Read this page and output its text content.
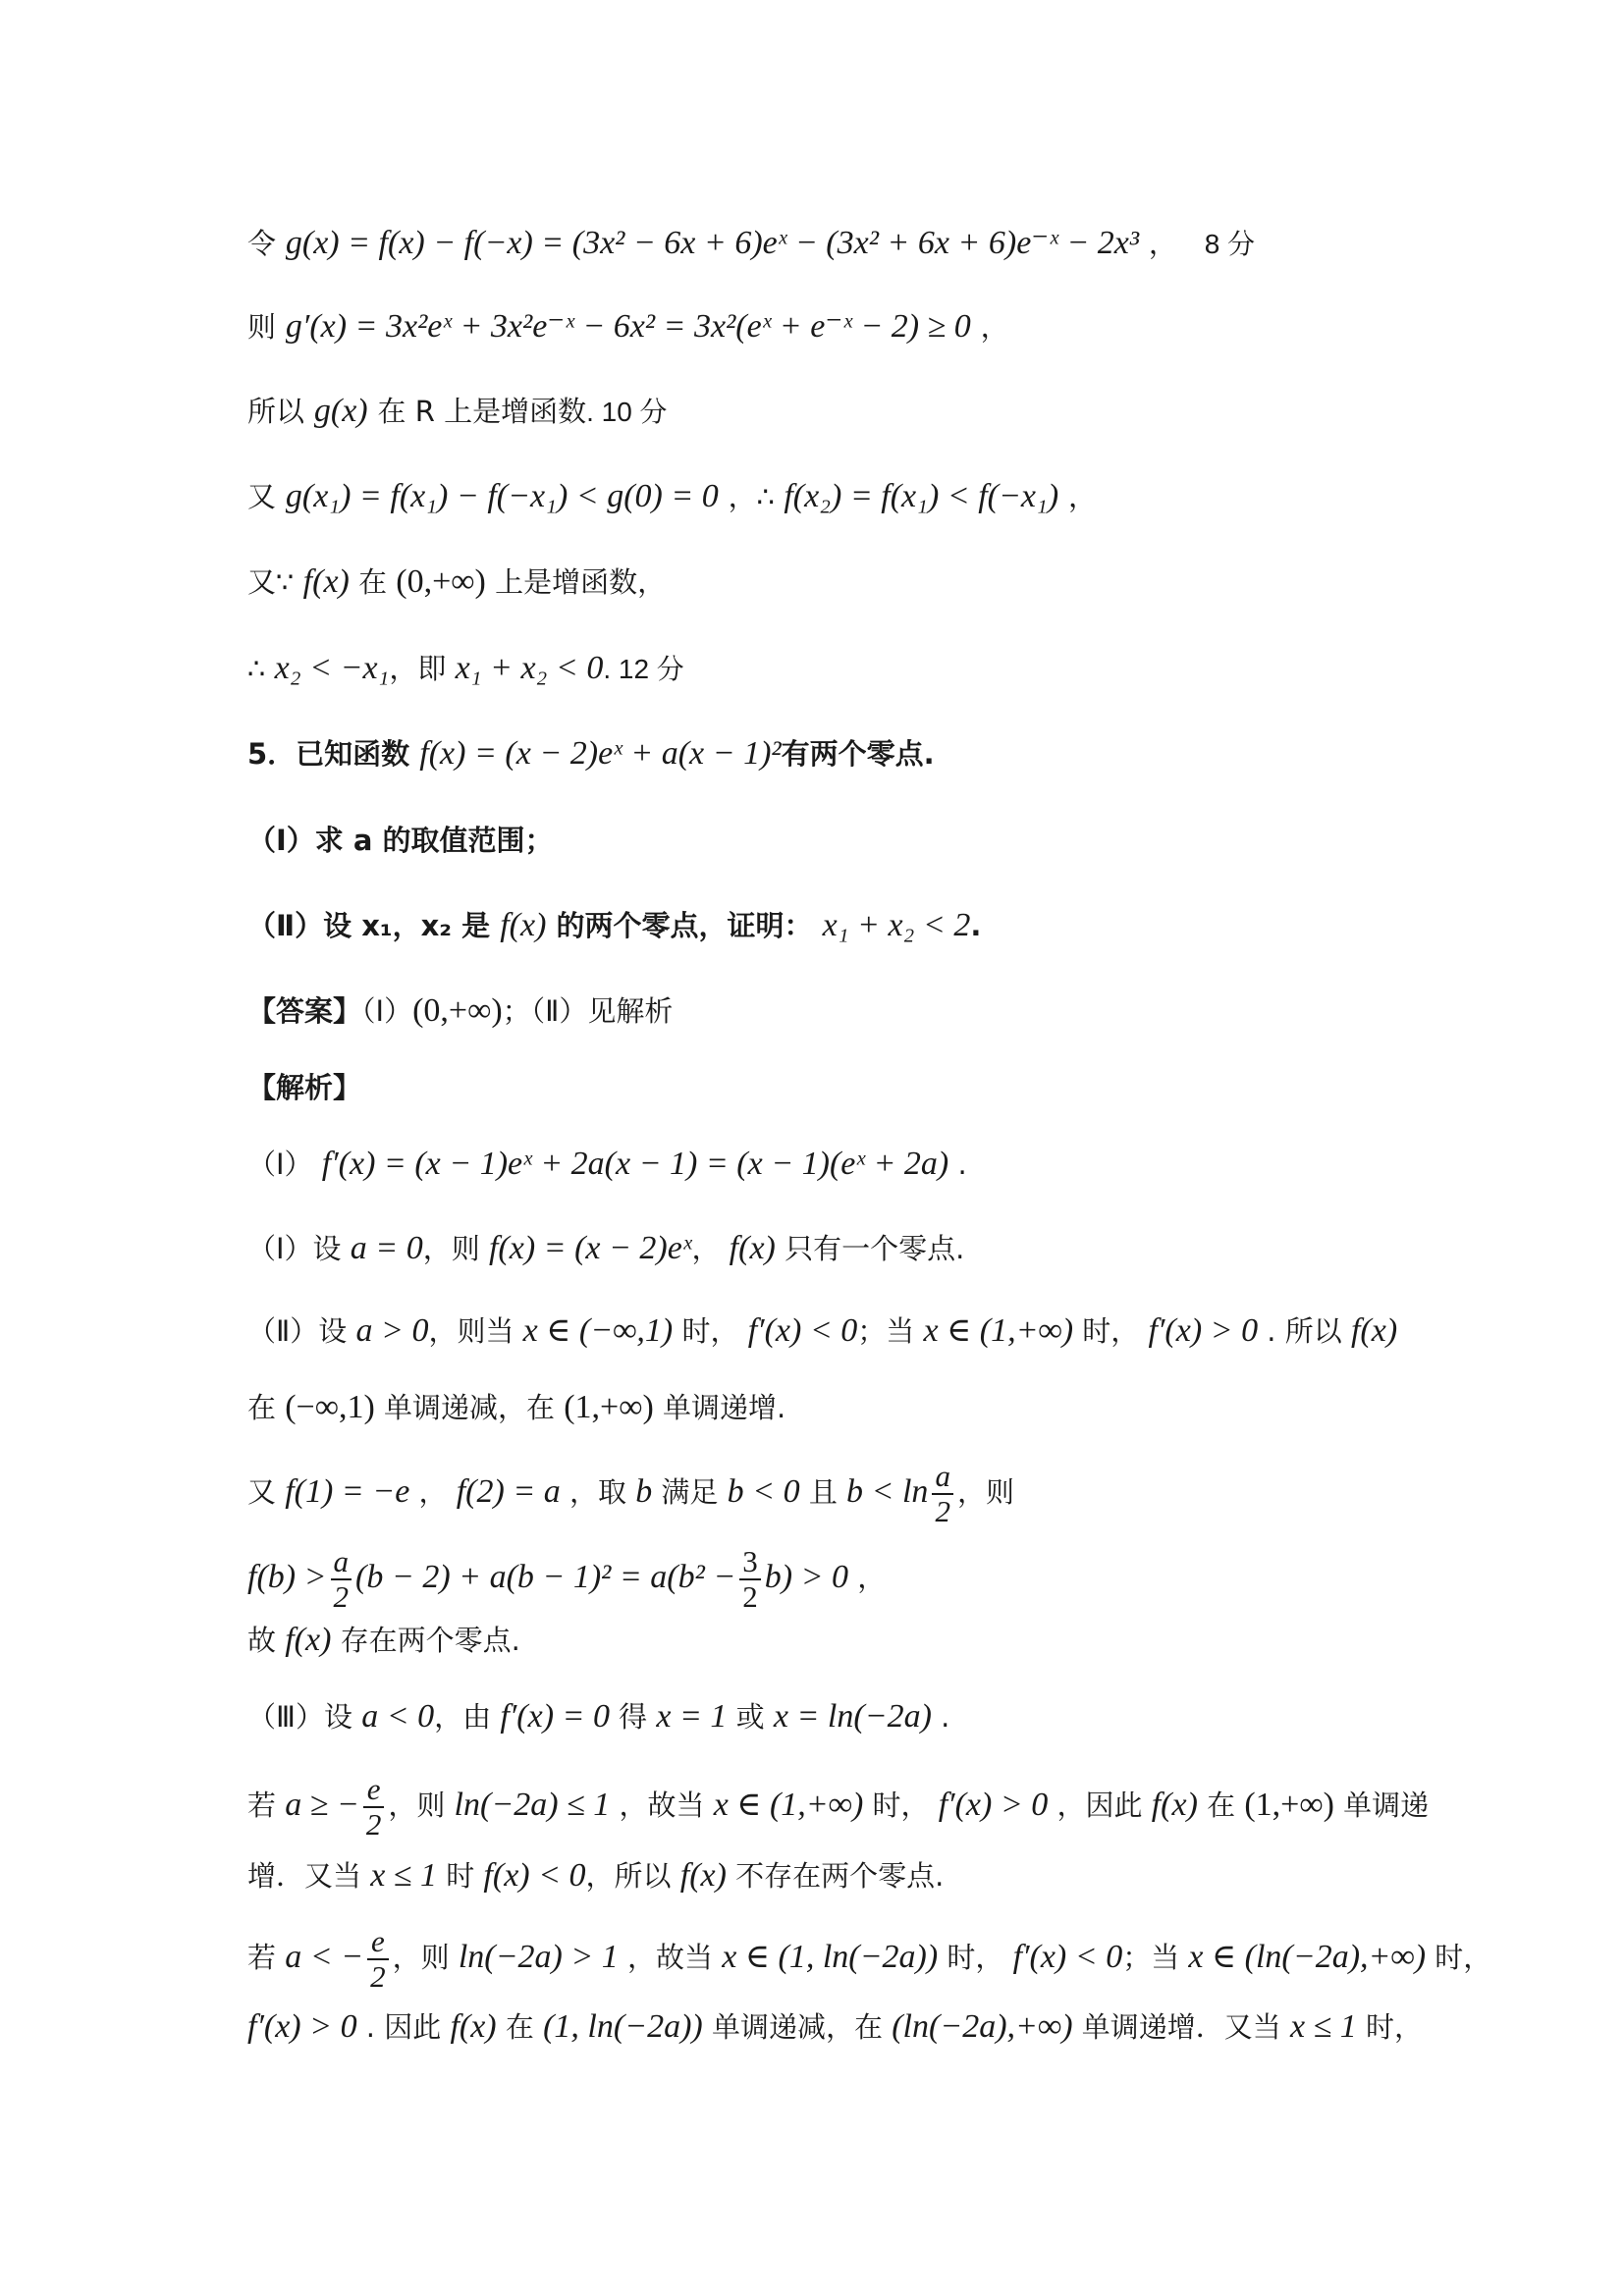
令 g(x) = f(x) − f(−x) = (3x² − 6x + 6)eˣ − (3x² + 6x + 6)e⁻ˣ − 2x³ ， 8 分
则 g′(x) = 3x²eˣ + 3x²e⁻ˣ − 6x² = 3x²(eˣ + e⁻ˣ − 2) ≥ 0 ，
所以 g(x) 在 R 上是增函数. 10 分
又 g(x₁) = f(x₁) − f(−x₁) < g(0) = 0 ，∴ f(x₂) = f(x₁) < f(−x₁) ，
又∵ f(x) 在 (0,+∞) 上是增函数，
∴ x₂ < −x₁，即 x₁ + x₂ < 0. 12 分
5．已知函数 f(x) = (x − 2)eˣ + a(x − 1)²有两个零点.
（Ⅰ）求 a 的取值范围；
（Ⅱ）设 x₁，x₂ 是 f(x) 的两个零点，证明： x₁ + x₂ < 2.
【答案】（Ⅰ）(0,+∞)；（Ⅱ）见解析
【解析】
（Ⅰ） f′(x) = (x − 1)eˣ + 2a(x − 1) = (x − 1)(eˣ + 2a) .
（Ⅰ）设 a = 0，则 f(x) = (x − 2)eˣ， f(x) 只有一个零点.
（Ⅱ）设 a > 0，则当 x ∈ (−∞,1) 时， f′(x) < 0；当 x ∈ (1,+∞) 时， f′(x) > 0 . 所以 f(x)
在 (−∞,1) 单调递减，在 (1,+∞) 单调递增.
又 f(1) = −e ， f(2) = a ，取 b 满足 b < 0 且 $b < \ln \frac{a}{2}$ ，则
$f(b) > \frac{a}{2} (b - 2) + a(b - 1)^2 = a(b^2 - \frac{3}{2} b) > 0$ ，
故 f(x) 存在两个零点.
（Ⅲ）设 a < 0，由 f′(x) = 0 得 x = 1 或 x = ln(−2a) .
若 a ≥ − $\frac{e}{2}$ ，则 ln(−2a) ≤ 1 ，故当 x ∈ (1,+∞) 时， f′(x) > 0 ，因此 f(x) 在 (1,+∞) 单调递
增．又当 x ≤ 1 时 f(x) < 0，所以 f(x) 不存在两个零点.
若 a < − $\frac{e}{2}$ ，则 ln(−2a) > 1 ，故当 x ∈ (1, ln(−2a)) 时， f′(x) < 0；当 x ∈ (ln(−2a),+∞) 时，
f′(x) > 0 . 因此 f(x) 在 (1, ln(−2a)) 单调递减，在 (ln(−2a),+∞) 单调递增．又当 x ≤ 1 时，
